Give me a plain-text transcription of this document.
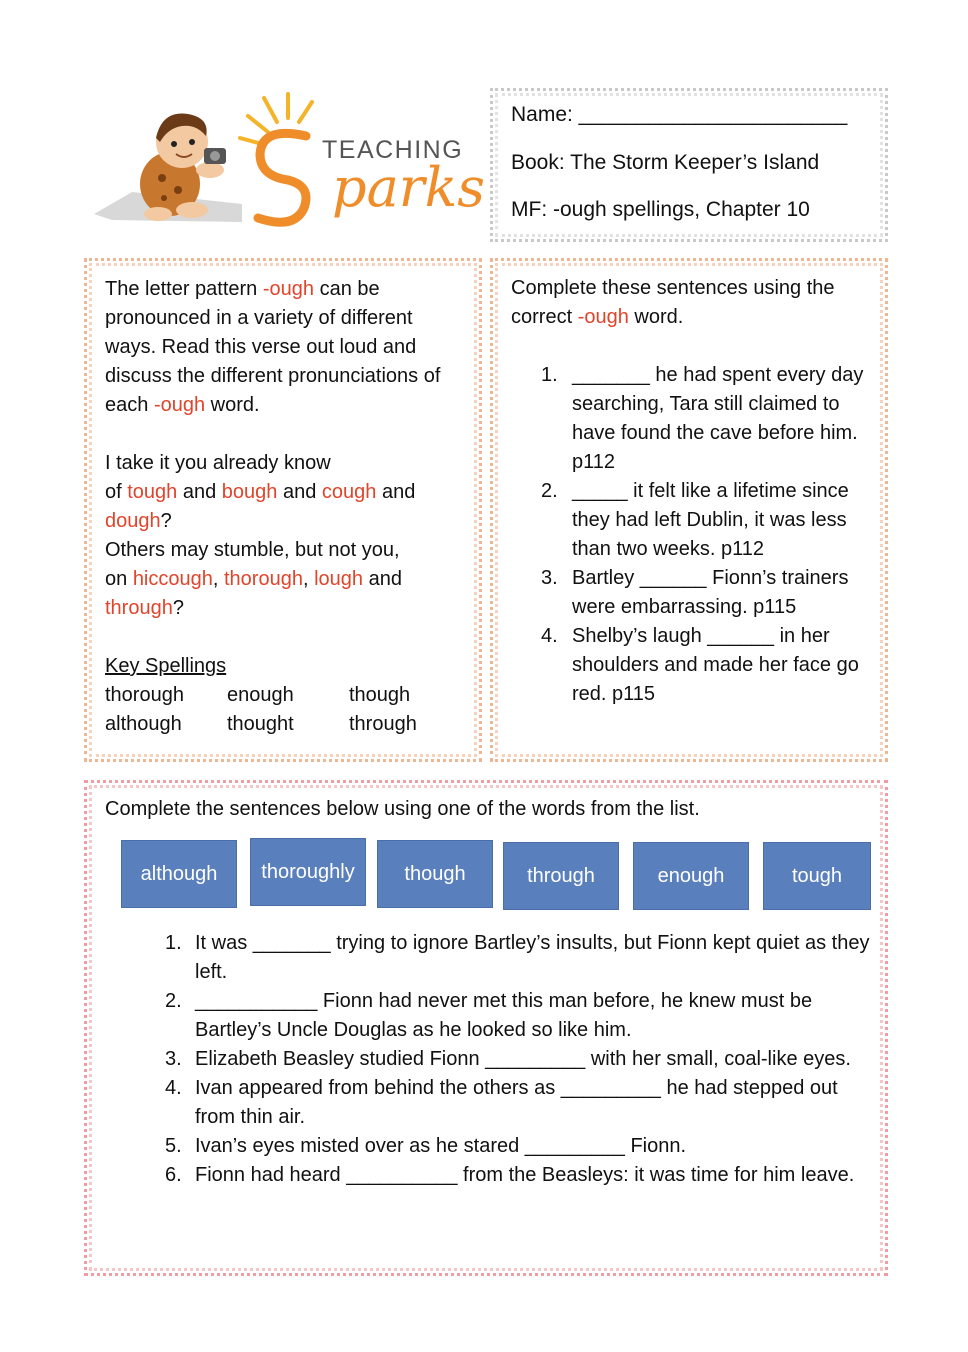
TEACHING
parks
Name: _______________________
Book: The Storm Keeper’s Island
MF: -ough spellings, Chapter 10

The letter pattern -ough can be pronounced in a variety of different ways. Read this verse out loud and discuss the different pronunciations of each -ough word.

I take it you already know

of tough and bough and cough and

dough?

Others may stumble, but not you,

on hiccough, thorough, lough and

through?

Key Spellings

thorough	enough	though
although	thought	through

Complete these sentences using the correct -ough word.

1. _______ he had spent every day searching, Tara still claimed to have found the cave before him. p112
2. _____ it felt like a lifetime since they had left Dublin, it was less than two weeks. p112
3. Bartley ______ Fionn’s trainers were embarrassing. p115
4. Shelby’s laugh ______ in her shoulders and made her face go red. p115

Complete the sentences below using one of the words from the list.

although	thoroughly	though	through	enough	tough
1. It was _______ trying to ignore Bartley’s insults, but Fionn kept quiet as they left.
2. ___________ Fionn had never met this man before, he knew must be Bartley’s Uncle Douglas as he looked so like him.
3. Elizabeth Beasley studied Fionn _________ with her small, coal-like eyes.
4. Ivan appeared from behind the others as _________ he had stepped out from thin air.
5. Ivan’s eyes misted over as he stared _________ Fionn.
6. Fionn had heard __________ from the Beasleys: it was time for him leave.
